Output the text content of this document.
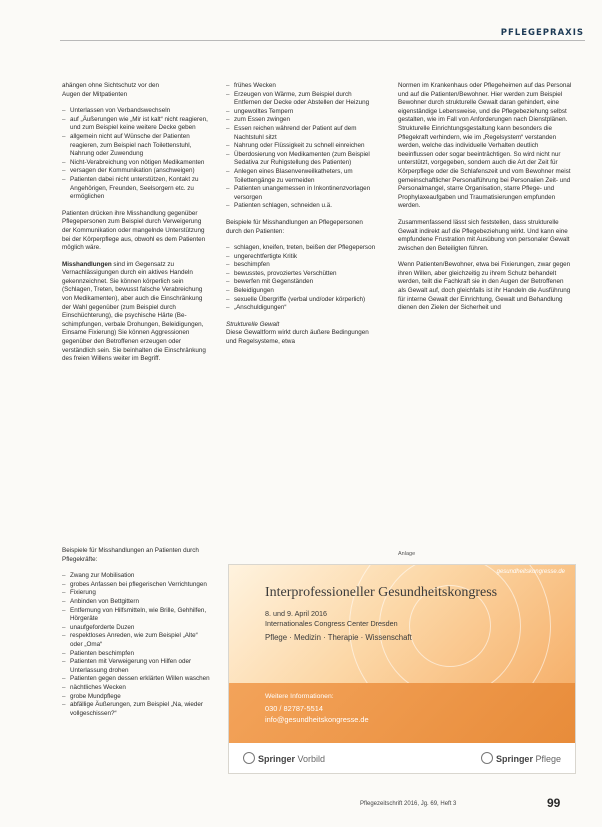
PFLEGEPRAXIS

ahängen ohne Sichtschutz vor den
Augen der Mitpatienten

– Unterlassen von Verbandswechseln
– auf „Äußerungen wie „Mir ist kalt“ nicht reagieren, und zum Beispiel keine weitere Decke geben
– allgemein nicht auf Wünsche der Patienten reagieren, zum Beispiel nach Toilettenstuhl, Nahrung oder Zuwendung
– Nicht-Verabreichung von nötigen Medikamenten
– versagen der Kommunikation (anschweigen)
– Patienten dabei nicht unterstützen, Kontakt zu Angehörigen, Freunden, Seelsorgern etc. zu ermöglichen

Patienten drücken ihre Misshandlung gegenüber Pflegepersonen zum Beispiel durch Verweigerung der Kommunikation oder mangelnde Unterstützung bei der Körperpflege aus, obwohl es dem Patienten möglich wäre.

Misshandlungen sind im Gegensatz zu Vernachlässigungen durch ein aktives Handeln gekennzeichnet. Sie können körperlich sein (Schlagen, Treten, bewusst falsche Verabreichung von Medikamenten), aber auch die Einschränkung der Wahl gegenüber (zum Beispiel durch Einschüchterung), die psychische Härte (Beschimpfungen, verbale Drohungen, Beleidigungen, Einsame Fixierung) Sie können Aggressionen gegenüber den Betroffenen erzeugen oder verständlich sein. Sie beinhalten die Einschränkung des freien Willens weiter im Begriff.

Beispiele für Misshandlungen an Patienten durch Pflegekräfte:

– Zwang zur Mobilisation
– grobes Anfassen bei pflegerischen Verrichtungen
– Fixierung
– Anbinden von Bettgittern
– Entfernung von Hilfsmitteln, wie Brille, Gehhilfen, Hörgeräte
– unaufgeforderte Duzen
– respektloses Anreden, wie zum Beispiel „Alte“ oder „Oma“
– Patienten beschimpfen
– Patienten mit Verweigerung von Hilfen oder Unterlassung drohen
– Patienten gegen dessen erklärten Willen waschen
– nächtliches Wecken
– grobe Mundpflege
– abfällige Äußerungen, zum Beispiel „Na, wieder vollgeschissen?“
– frühes Wecken
– Erzeugen von Wärme, zum Beispiel durch Entfernen der Decke oder Abstellen der Heizung
– ungewolltes Tempern
– zum Essen zwingen
– Essen reichen während der Patient auf dem Nachtstuhl sitzt
– Nahrung oder Flüssigkeit zu schnell einreichen
– Überdosierung von Medikamenten (zum Beispiel Sedativa zur Ruhigstellung des Patienten)
– Anlegen eines Blasenverweilkatheters, um Toilettengänge zu vermeiden
– Patienten unangemessen in Inkontinenzvorlagen versorgen
– Patienten schlagen, schneiden u.ä.

Beispiele für Misshandlungen an Pflegepersonen durch den Patienten:

– schlagen, kneifen, treten, beißen der Pflegeperson
– ungerechtfertigte Kritik
– beschimpfen
– bewusstes, provoziertes Verschütten
– bewerfen mit Gegenständen
– Beleidigungen
– sexuelle Übergriffe (verbal und/oder körperlich)
– „Anschuldigungen“

Strukturelle Gewalt

Diese Gewaltform wirkt durch äußere Bedingungen und Regelsysteme, etwa

Normen im Krankenhaus oder Pflegeheimen auf das Personal und auf die Patienten/Bewohner. Hier werden zum Beispiel Bewohner durch strukturelle Gewalt daran gehindert, eine eigenständige Lebensweise, und die Pflegebeziehung selbst gestalten, wie im Fall von Anforderungen nach Dienstplänen. Strukturelle Einrichtungsgestaltung kann besonders die Pflegekraft verhindern, wie im „Regelsystem“ verstanden werden, welche das individuelle Verhalten deutlich beeinflussen oder sogar beeinträchtigen. So wird nicht nur unterstützt, vorgegeben, sondern auch die Art der Zeit für Körperpflege oder die Schlafenszeit und vom Bewohner meist gemeinschaftlicher Personalführung bei Personalien Zeit- und Personalmangel, starre Organisation, starre Pflege- und Prophylaxeaufgaben und Traumatisierungen empfunden werden.

Zusammenfassend lässt sich feststellen, dass strukturelle Gewalt indirekt auf die Pflegebeziehung wirkt. Und kann eine empfundene Frustration mit Ausübung von personaler Gewalt zwischen den Beteiligten führen.

Wenn Patienten/Bewohner, etwa bei Fixierungen, zwar gegen ihren Willen, aber gleichzeitig zu ihrem Schutz behandelt werden, teilt die Fachkraft sie in den Augen der Betroffenen als Gewalt auf, doch gleichfalls ist ihr Handeln die Ausführung für interne Gewalt der Einrichtung, Gewalt und Behandlung dienen den Zielen der Sicherheit und

Anlage
gesundheitskongresse.de
Interprofessioneller Gesundheitskongress
8. und 9. April 2016
Internationales Congress Center Dresden
Pflege · Medizin · Therapie · Wissenschaft
Weitere Informationen:
030 / 82787-5514
info@gesundheitskongresse.de
Springer Vorbild	Springer Pflege
Pflegezeitschrift 2016, Jg. 69, Heft 3	99
